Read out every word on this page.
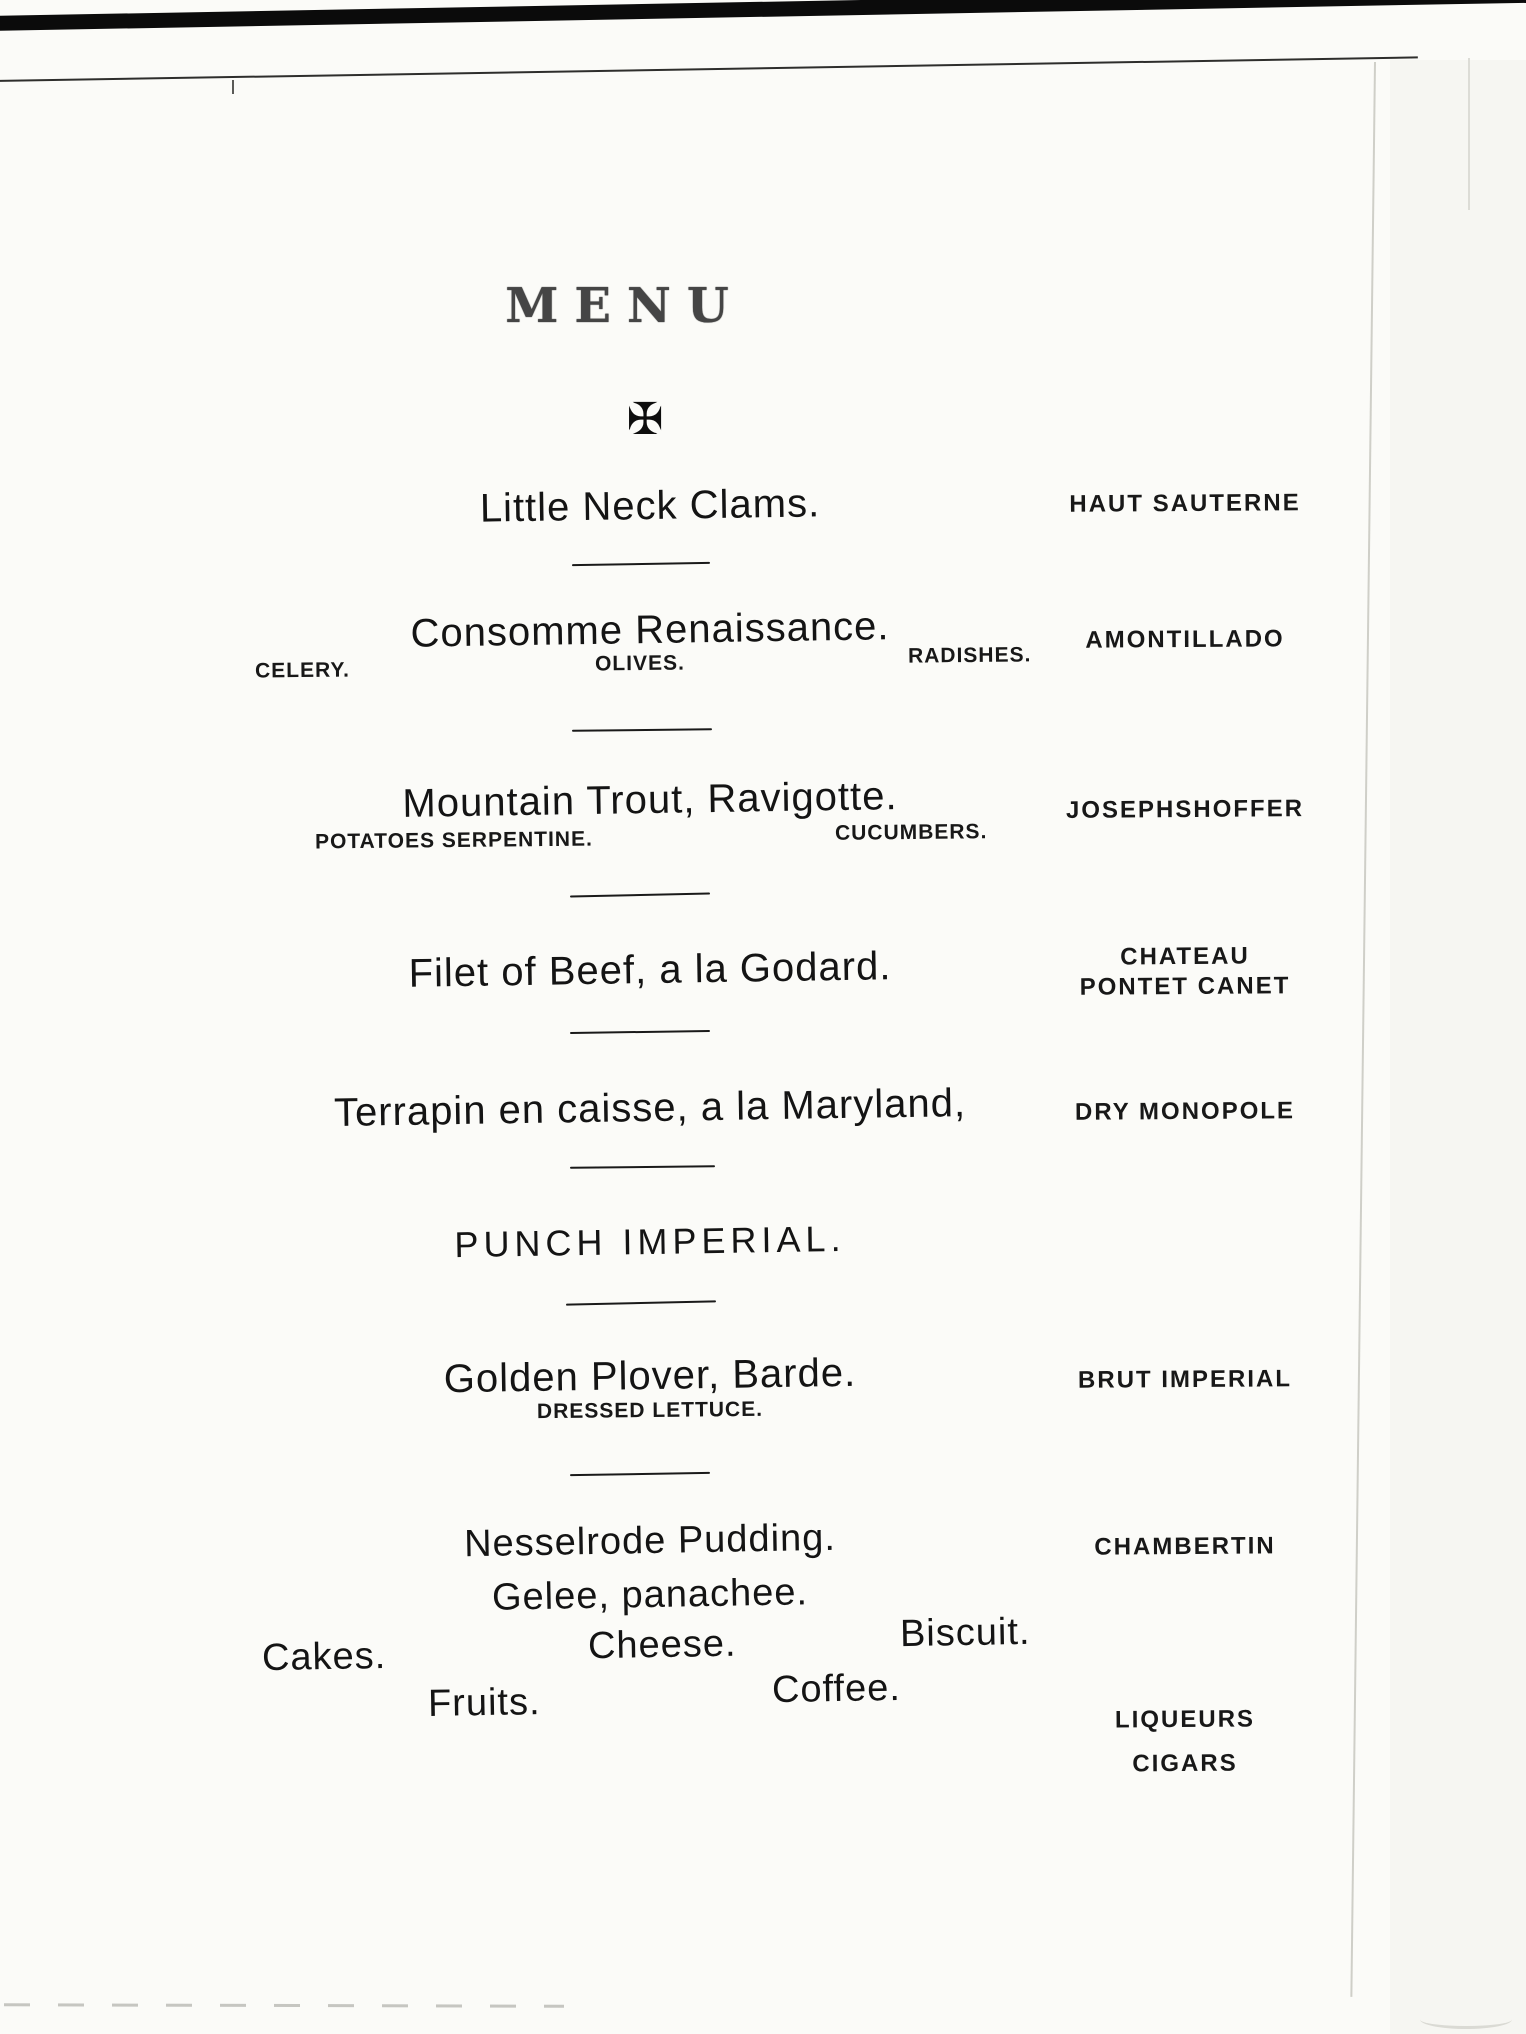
MENU
✠
Little Neck Clams.	HAUT SAUTERNE
Consomme Renaissance.	AMONTILLADO
CELERY.	OLIVES.	RADISHES.
Mountain Trout, Ravigotte.	JOSEPHSHOFFER
POTATOES SERPENTINE.	CUCUMBERS.
Filet of Beef, a la Godard.	CHATEAU
PONTET CANET
Terrapin en caisse, a la Maryland,	DRY MONOPOLE
PUNCH IMPERIAL.
Golden Plover, Barde.	BRUT IMPERIAL
DRESSED LETTUCE.
Nesselrode Pudding.	CHAMBERTIN
Gelee, panachee.
Cakes.	Cheese.	Biscuit.
Fruits.	Coffee.
LIQUEURS
CIGARS
